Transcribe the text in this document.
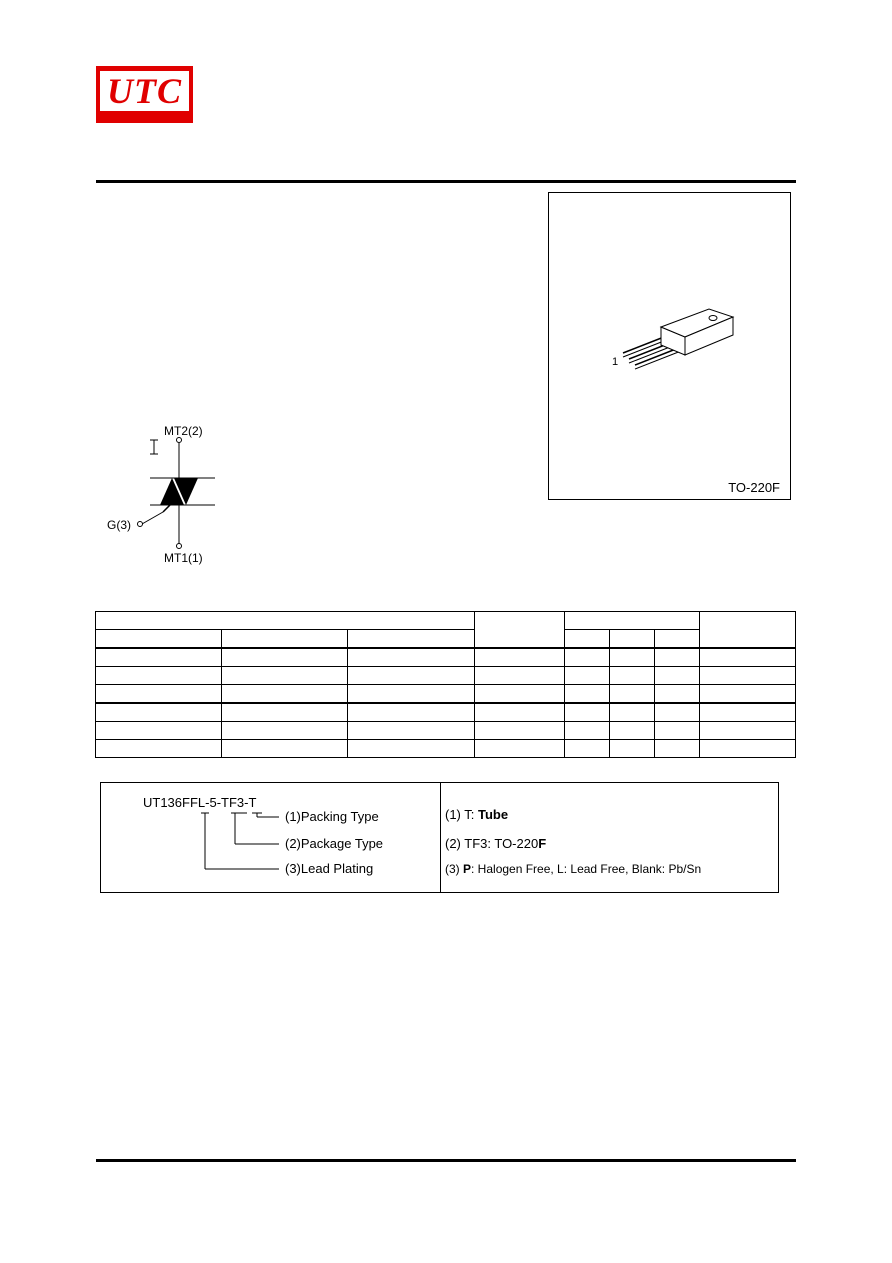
UTC
1
TO-220F
MT2(2)
G(3)
MT1(1)

UT136FFL-5-TF3-T
(1)Packing Type
(2)Package Type
(3)Lead Plating
(1) T: Tube
(2) TF3: TO-220F
(3) P: Halogen Free, L: Lead Free, Blank: Pb/Sn
